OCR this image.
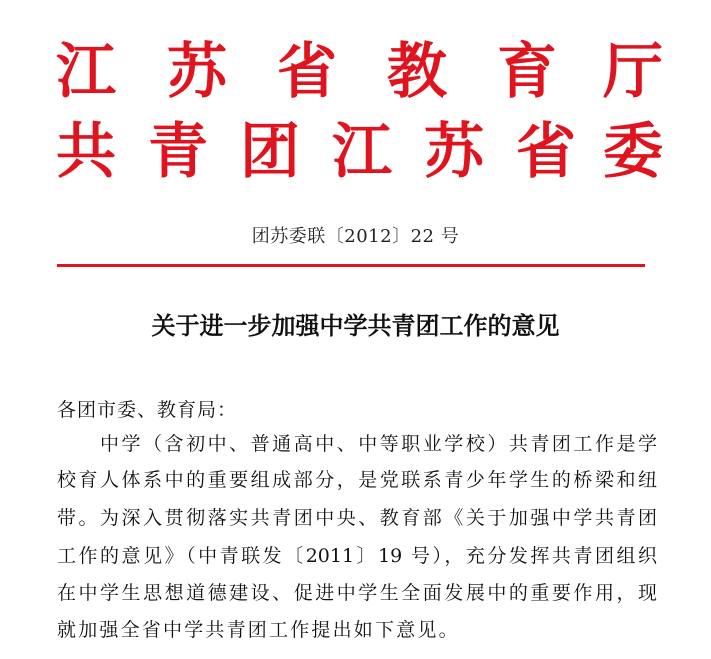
江 苏 省 教 育 厅
共 青 团 江 苏 省 委
团苏委联〔2012〕22 号
关于进一步加强中学共青团工作的意见
各团市委、教育局：
中学（含初中、普通高中、中等职业学校）共青团工作是学
校育人体系中的重要组成部分，是党联系青少年学生的桥梁和纽
带。为深入贯彻落实共青团中央、教育部《关于加强中学共青团
工作的意见》（中青联发〔2011〕19 号），充分发挥共青团组织
在中学生思想道德建设、促进中学生全面发展中的重要作用，现
就加强全省中学共青团工作提出如下意见。
